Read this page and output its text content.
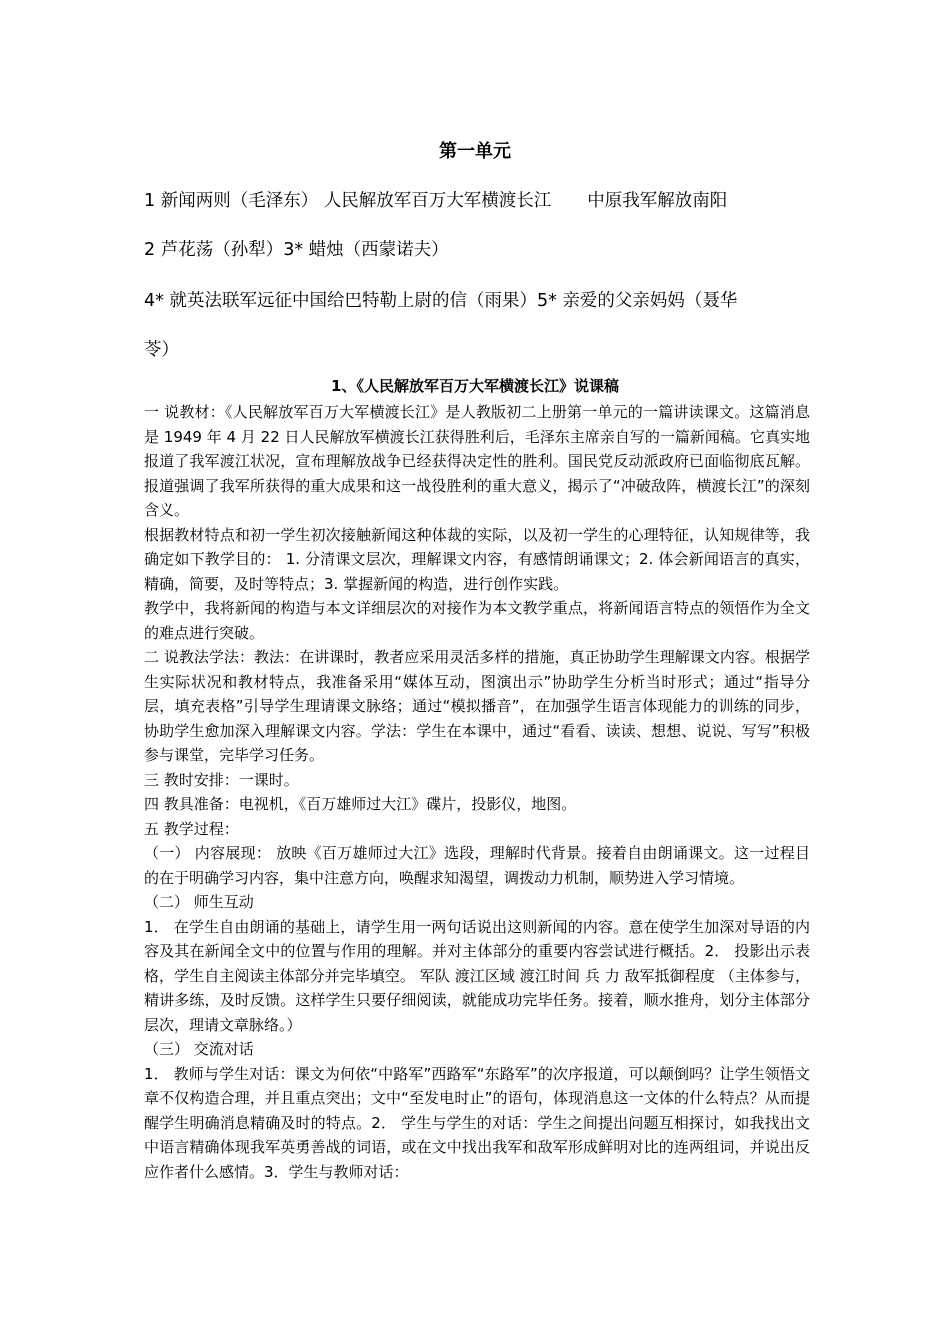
第一单元
1 新闻两则（毛泽东） 人民解放军百万大军横渡长江 中原我军解放南阳
2 芦花荡（孙犁）3* 蜡烛（西蒙诺夫）
4* 就英法联军远征中国给巴特勒上尉的信（雨果）5* 亲爱的父亲妈妈（聂华
苓）
1、《人民解放军百万大军横渡长江》说课稿

一 说教材：《人民解放军百万大军横渡长江》是人教版初二上册第一单元的一篇讲读课文。这篇消息是 1949 年 4 月 22 日人民解放军横渡长江获得胜利后，毛泽东主席亲自写的一篇新闻稿。它真实地报道了我军渡江状况，宣布理解放战争已经获得决定性的胜利。国民党反动派政府已面临彻底瓦解。报道强调了我军所获得的重大成果和这一战役胜利的重大意义，揭示了“冲破敌阵，横渡长江”的深刻含义。

根据教材特点和初一学生初次接触新闻这种体裁的实际，以及初一学生的心理特征，认知规律等，我确定如下教学目的： 1. 分清课文层次，理解课文内容，有感情朗诵课文；2. 体会新闻语言的真实，精确，简要，及时等特点；3. 掌握新闻的构造，进行创作实践。

教学中，我将新闻的构造与本文详细层次的对接作为本文教学重点，将新闻语言特点的领悟作为全文的难点进行突破。

二 说教法学法：教法：在讲课时，教者应采用灵活多样的措施，真正协助学生理解课文内容。根据学生实际状况和教材特点，我准备采用“媒体互动，图演出示”协助学生分析当时形式；通过“指导分层，填充表格”引导学生理请课文脉络；通过“模拟播音”，在加强学生语言体现能力的训练的同步，协助学生愈加深入理解课文内容。学法：学生在本课中，通过“看看、读读、想想、说说、写写”积极参与课堂，完毕学习任务。

三 教时安排：一课时。

四 教具准备：电视机，《百万雄师过大江》碟片，投影仪，地图。

五 教学过程：

（一） 内容展现： 放映《百万雄师过大江》选段，理解时代背景。接着自由朗诵课文。这一过程目的在于明确学习内容，集中注意方向，唤醒求知渴望，调拨动力机制，顺势进入学习情境。

（二） 师生互动

1． 在学生自由朗诵的基础上，请学生用一两句话说出这则新闻的内容。意在使学生加深对导语的内容及其在新闻全文中的位置与作用的理解。并对主体部分的重要内容尝试进行概括。2． 投影出示表格，学生自主阅读主体部分并完毕填空。 军队 渡江区域 渡江时间 兵 力 敌军抵御程度 （主体参与，精讲多练，及时反馈。这样学生只要仔细阅读，就能成功完毕任务。接着，顺水推舟，划分主体部分层次，理请文章脉络。）

（三） 交流对话

1． 教师与学生对话：课文为何依“中路军”西路军“东路军”的次序报道，可以颠倒吗？让学生领悟文章不仅构造合理，并且重点突出；文中“至发电时止”的语句，体现消息这一文体的什么特点？从而提醒学生明确消息精确及时的特点。2． 学生与学生的对话：学生之间提出问题互相探讨，如我找出文中语言精确体现我军英勇善战的词语，或在文中找出我军和敌军形成鲜明对比的连两组词，并说出反应作者什么感情。3．学生与教师对话：
